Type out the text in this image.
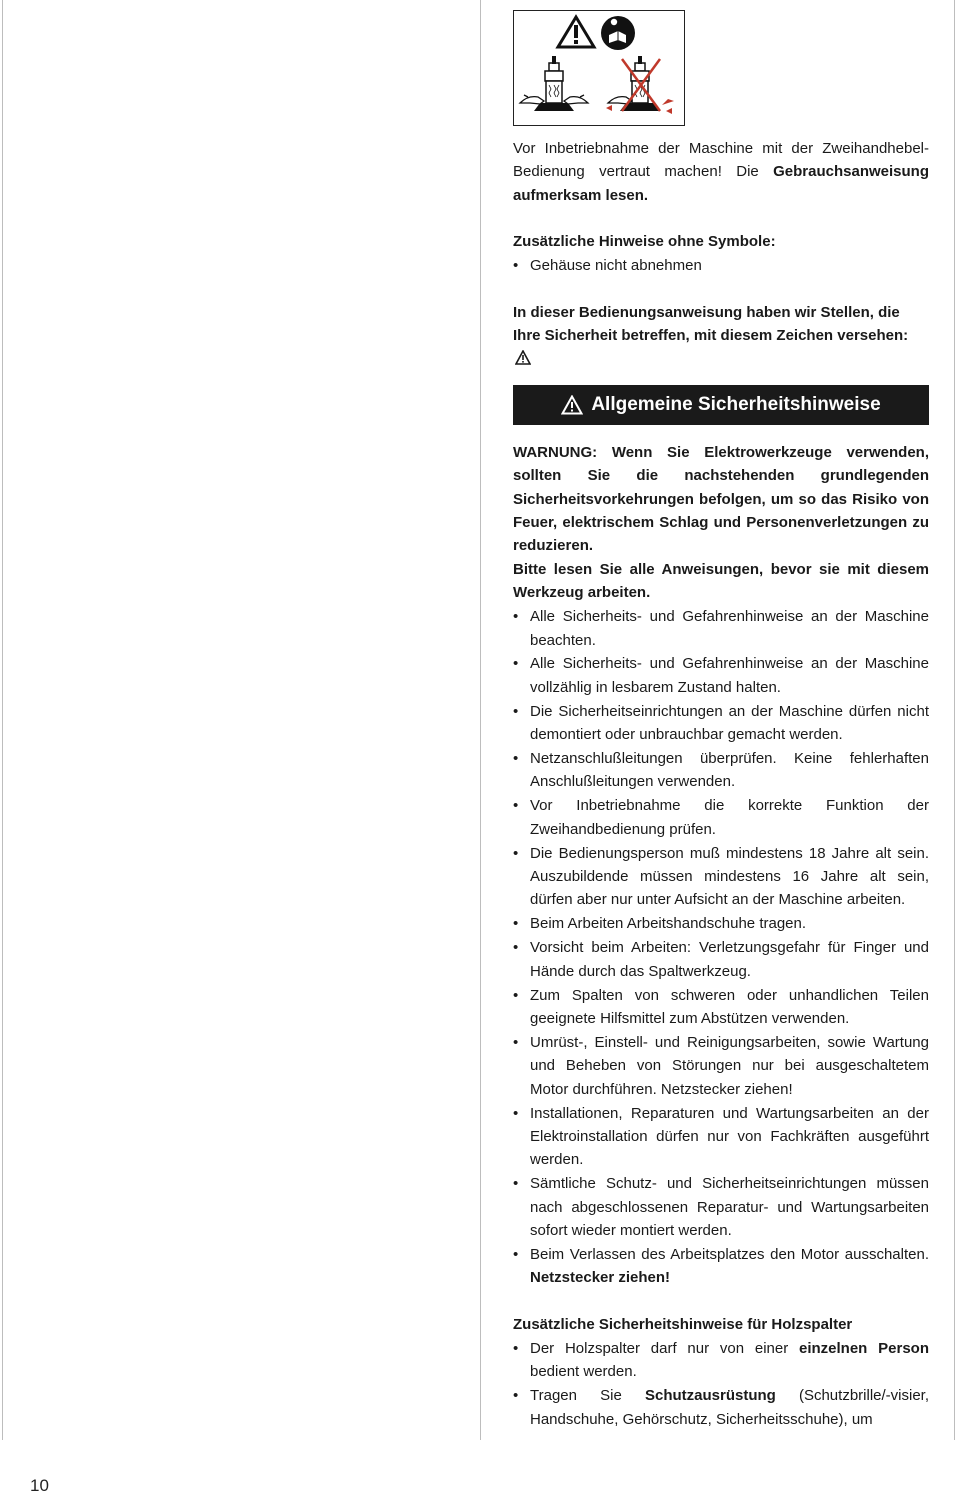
Vor Inbetriebnahme der Maschine mit der Zweihandhebel-Bedienung vertraut machen! Die Gebrauchsanweisung aufmerksam lesen.

Zusätzliche Hinweise ohne Symbole:

• Gehäuse nicht abnehmen

In dieser Bedienungsanweisung haben wir Stellen, die Ihre Sicherheit betreffen, mit diesem Zeichen versehen:

Allgemeine Sicherheitshinweise

WARNUNG: Wenn Sie Elektrowerkzeuge verwenden, sollten Sie die nachstehenden grundlegenden Sicherheitsvorkehrungen befolgen, um so das Risiko von Feuer, elektrischem Schlag und Personenverletzungen zu reduzieren.

Bitte lesen Sie alle Anweisungen, bevor sie mit diesem Werkzeug arbeiten.

• Alle Sicherheits- und Gefahrenhinweise an der Maschine beachten.
• Alle Sicherheits- und Gefahrenhinweise an der Maschine vollzählig in lesbarem Zustand halten.
• Die Sicherheitseinrichtungen an der Maschine dürfen nicht demontiert oder unbrauchbar gemacht werden.
• Netzanschlußleitungen überprüfen. Keine fehlerhaften Anschlußleitungen verwenden.
• Vor Inbetriebnahme die korrekte Funktion der Zweihandbedienung prüfen.
• Die Bedienungsperson muß mindestens 18 Jahre alt sein. Auszubildende müssen mindestens 16 Jahre alt sein, dürfen aber nur unter Aufsicht an der Maschine arbeiten.
• Beim Arbeiten Arbeitshandschuhe tragen.
• Vorsicht beim Arbeiten: Verletzungsgefahr für Finger und Hände durch das Spaltwerkzeug.
• Zum Spalten von schweren oder unhandlichen Teilen geeignete Hilfsmittel zum Abstützen verwenden.
• Umrüst-, Einstell- und Reinigungsarbeiten, sowie Wartung und Beheben von Störungen nur bei ausgeschaltetem Motor durchführen. Netzstecker ziehen!
• Installationen, Reparaturen und Wartungsarbeiten an der Elektroinstallation dürfen nur von Fachkräften ausgeführt werden.
• Sämtliche Schutz- und Sicherheitseinrichtungen müssen nach abgeschlossenen Reparatur- und Wartungsarbeiten sofort wieder montiert werden.
• Beim Verlassen des Arbeitsplatzes den Motor ausschalten. Netzstecker ziehen!

Zusätzliche Sicherheitshinweise für Holzspalter

• Der Holzspalter darf nur von einer einzelnen Person bedient werden.
• Tragen Sie Schutzausrüstung (Schutzbrille/-visier, Handschuhe, Gehörschutz, Sicherheitsschuhe), um
10
